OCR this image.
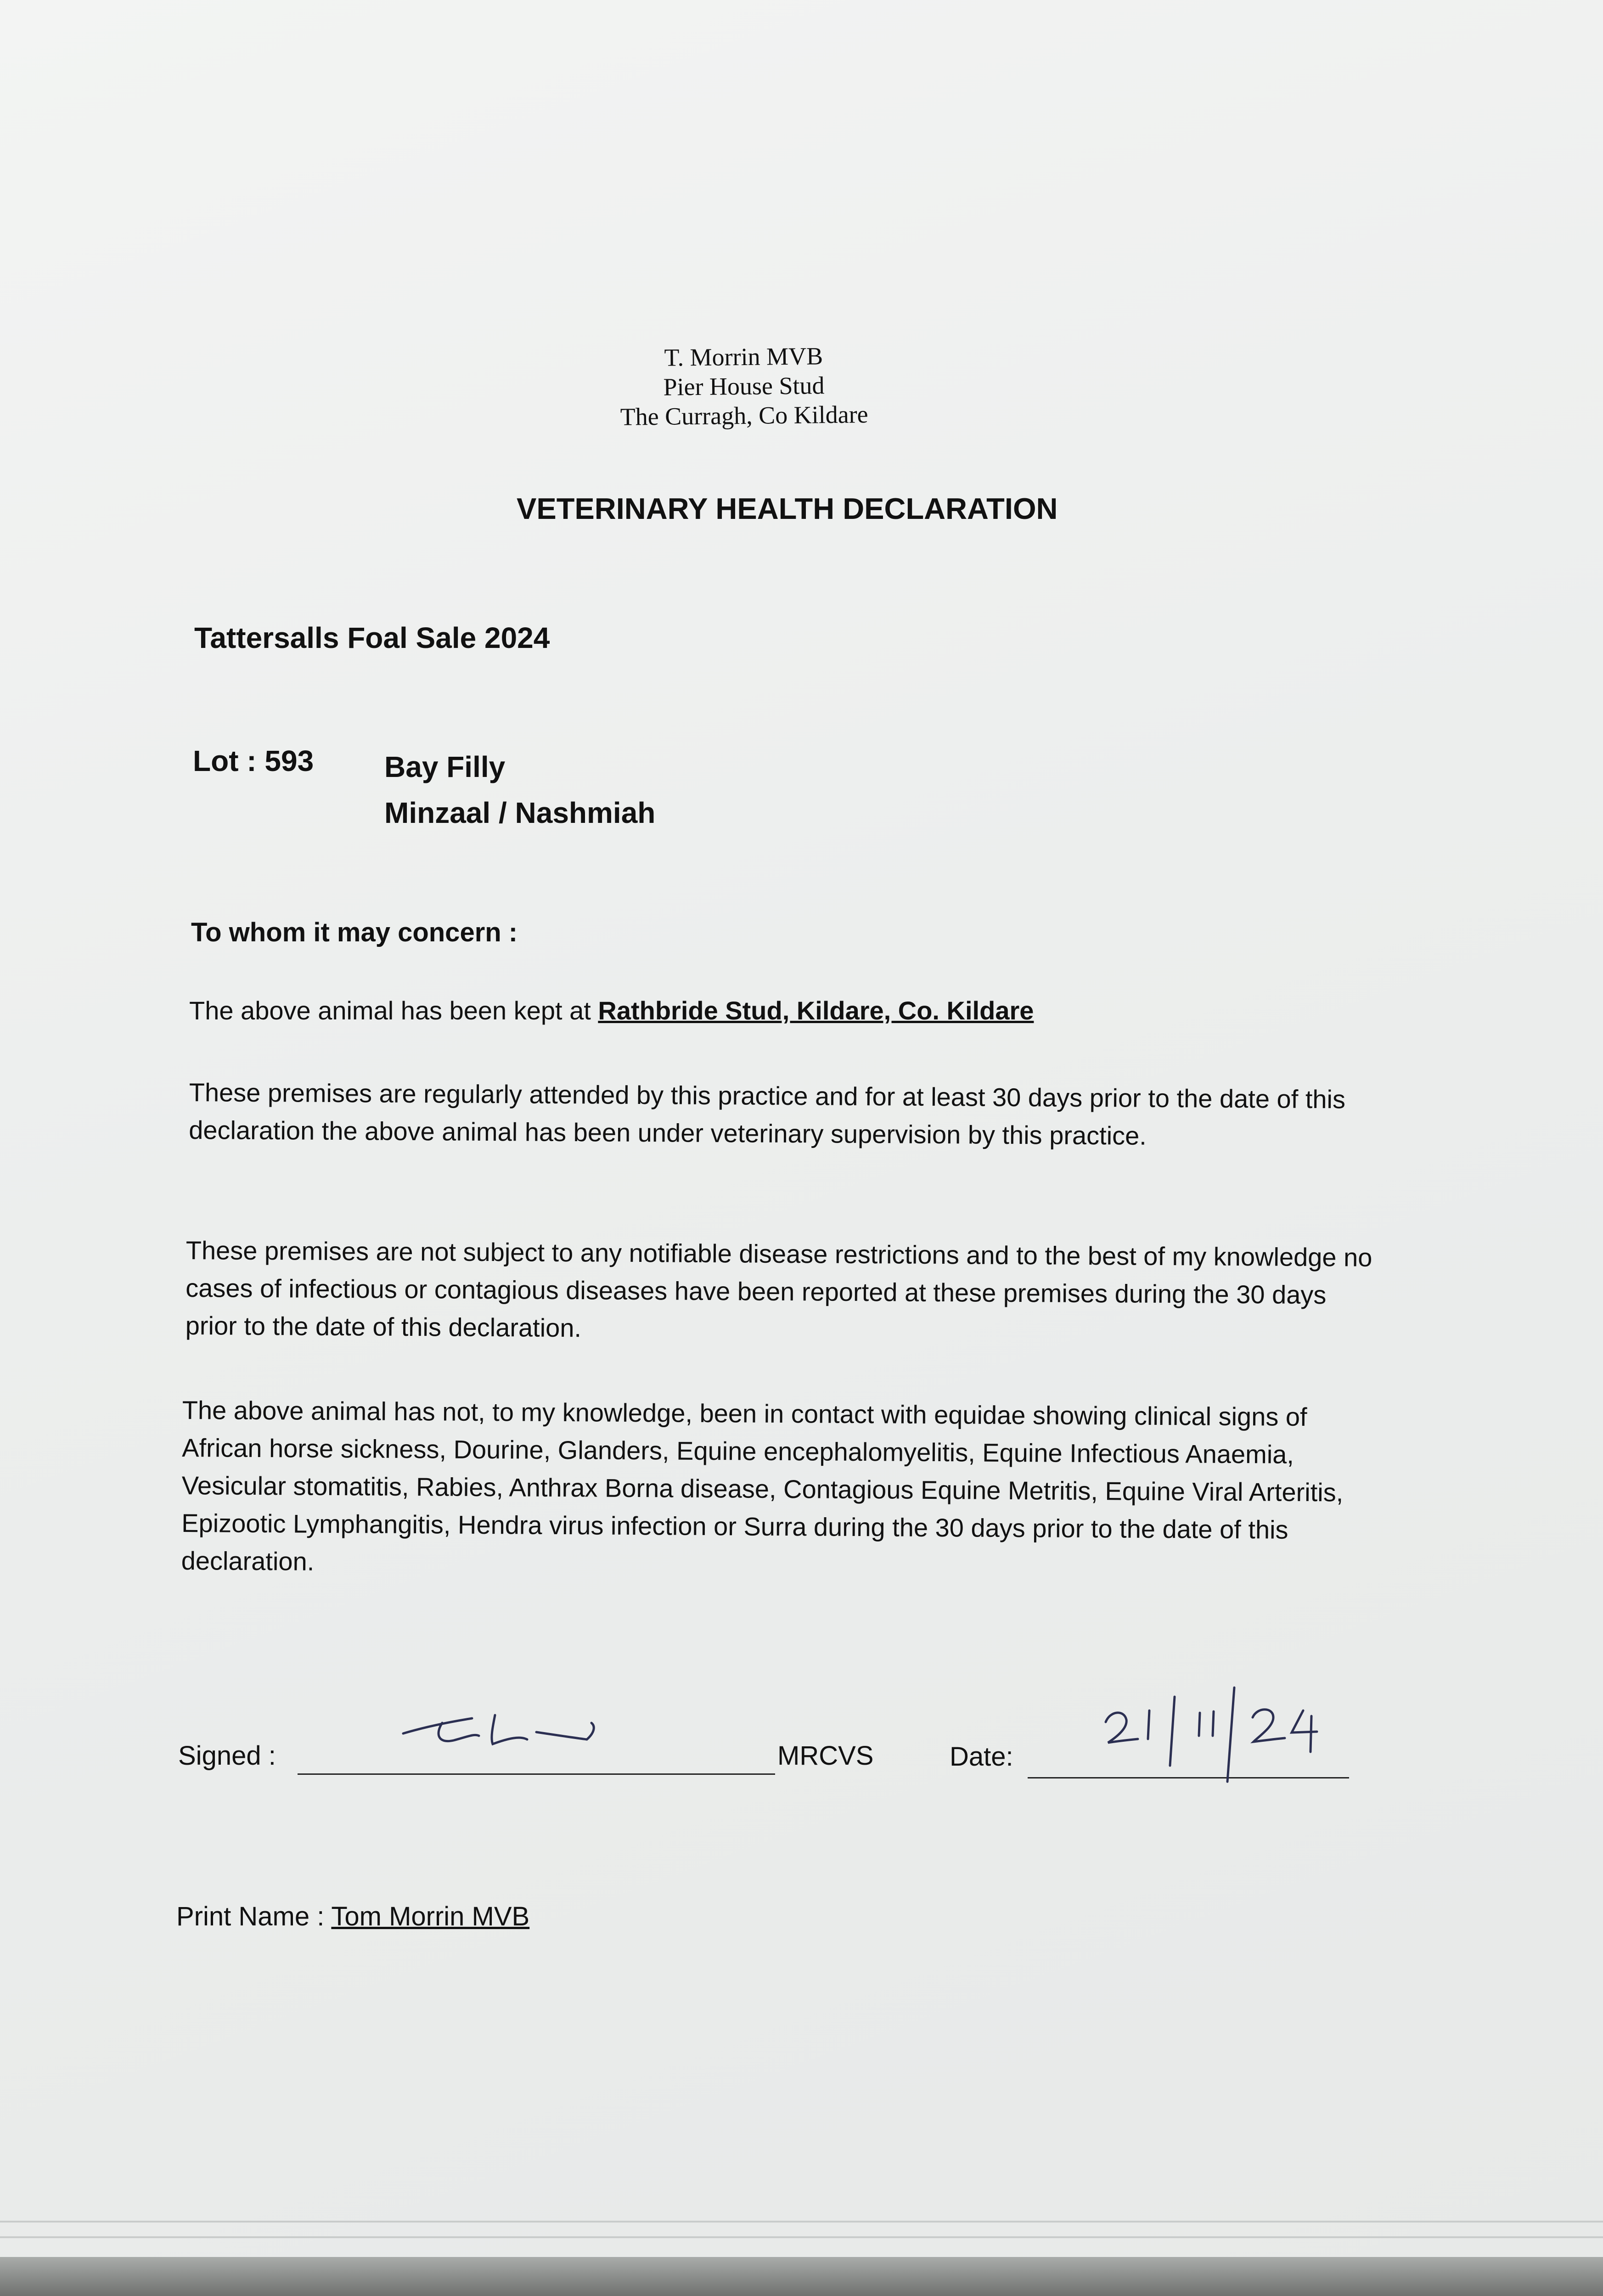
T. Morrin MVB
Pier House Stud
The Curragh, Co Kildare
VETERINARY HEALTH DECLARATION
Tattersalls Foal Sale 2024
Lot : 593 Bay Filly
Minzaal / Nashmiah
To whom it may concern :
The above animal has been kept at Rathbride Stud, Kildare, Co. Kildare
These premises are regularly attended by this practice and for at least 30 days prior to the date of this declaration the above animal has been under veterinary supervision by this practice.
These premises are not subject to any notifiable disease restrictions and to the best of my knowledge no cases of infectious or contagious diseases have been reported at these premises during the 30 days prior to the date of this declaration.
The above animal has not, to my knowledge, been in contact with equidae showing clinical signs of African horse sickness, Dourine, Glanders, Equine encephalomyelitis, Equine Infectious Anaemia, Vesicular stomatitis, Rabies, Anthrax Borna disease, Contagious Equine Metritis, Equine Viral Arteritis, Epizootic Lymphangitis, Hendra virus infection or Surra during the 30 days prior to the date of this declaration.
Signed :	MRCVS	Date:
Print Name : Tom Morrin MVB
